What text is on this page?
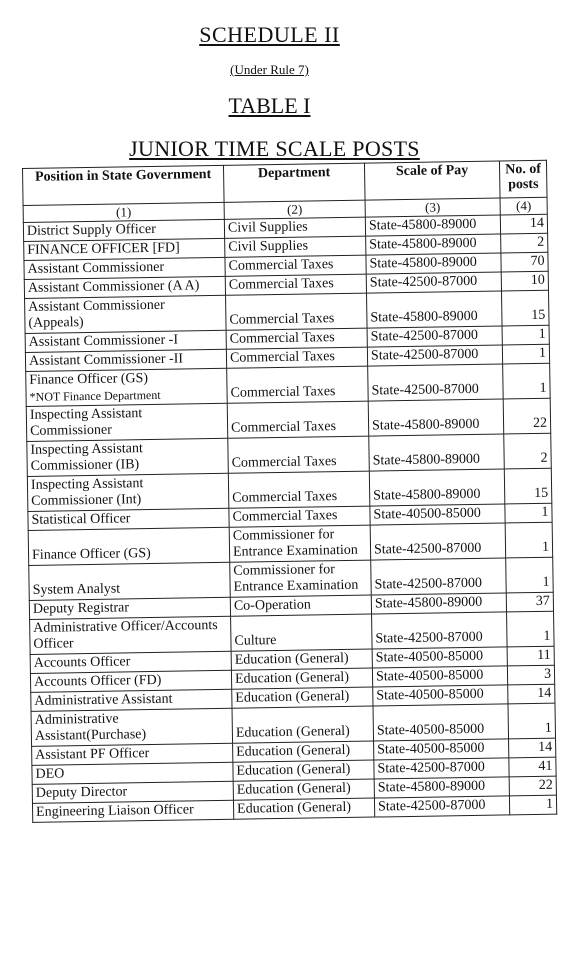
SCHEDULE II
(Under Rule 7)
TABLE I
JUNIOR TIME SCALE POSTS
Position in State Government	Department	Scale of Pay	No. of posts
(1)	(2)	(3)	(4)

District Supply Officer	Civil Supplies	State-45800-89000	14

FINANCE OFFICER [FD]	Civil Supplies	State-45800-89000	2

Assistant Commissioner	Commercial Taxes	State-45800-89000	70

Assistant Commissioner (A A)	Commercial Taxes	State-42500-87000	10

Assistant Commissioner (Appeals)	Commercial Taxes	State-45800-89000	15

Assistant Commissioner -I	Commercial Taxes	State-42500-87000	1

Assistant Commissioner -II	Commercial Taxes	State-42500-87000	1

Finance Officer (GS)
*NOT Finance Department	Commercial Taxes	State-42500-87000	1

Inspecting Assistant Commissioner	Commercial Taxes	State-45800-89000	22

Inspecting Assistant Commissioner (IB)	Commercial Taxes	State-45800-89000	2

Inspecting Assistant Commissioner (Int)	Commercial Taxes	State-45800-89000	15

Statistical Officer	Commercial Taxes	State-40500-85000	1

Finance Officer (GS)	Commissioner for Entrance Examination	State-42500-87000	1

System Analyst	Commissioner for Entrance Examination	State-42500-87000	1

Deputy Registrar	Co-Operation	State-45800-89000	37

Administrative Officer/Accounts Officer	Culture	State-42500-87000	1

Accounts Officer	Education (General)	State-40500-85000	11

Accounts Officer (FD)	Education (General)	State-40500-85000	3

Administrative Assistant	Education (General)	State-40500-85000	14

Administrative Assistant(Purchase)	Education (General)	State-40500-85000	1

Assistant PF Officer	Education (General)	State-40500-85000	14

DEO	Education (General)	State-42500-87000	41

Deputy Director	Education (General)	State-45800-89000	22

Engineering Liaison Officer	Education (General)	State-42500-87000	1
